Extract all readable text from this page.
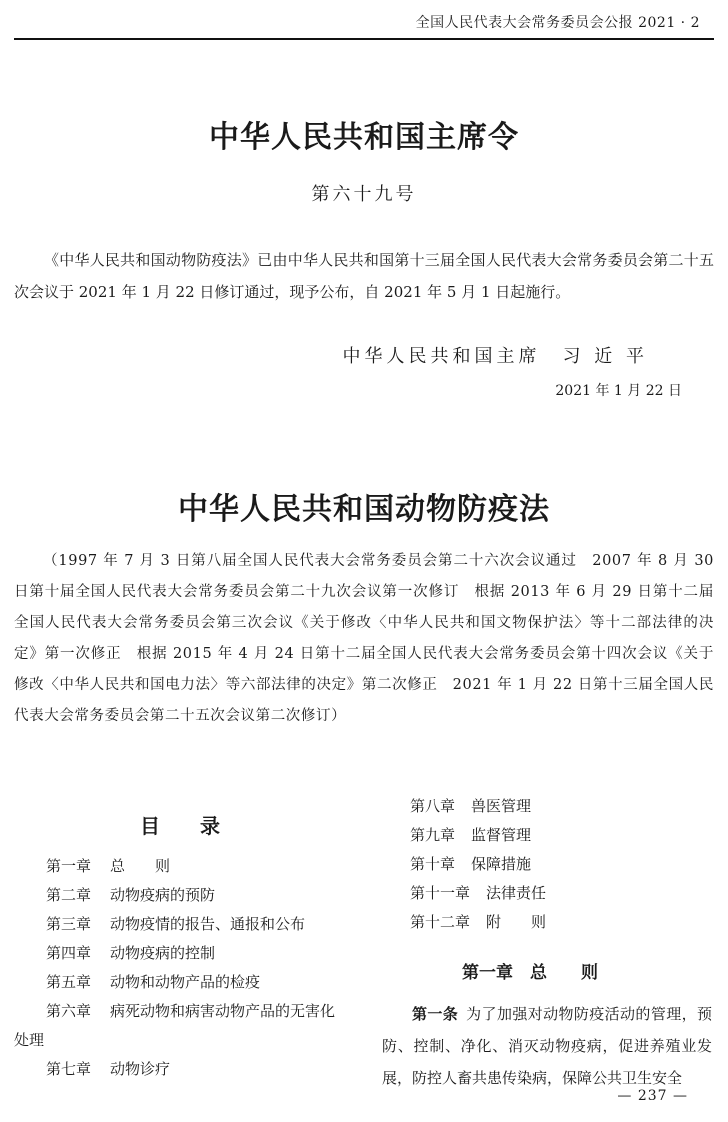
全国人民代表大会常务委员会公报 2021 · 2
中华人民共和国主席令
第六十九号
《中华人民共和国动物防疫法》已由中华人民共和国第十三届全国人民代表大会常务委员会第二十五次会议于 2021 年 1 月 22 日修订通过，现予公布，自 2021 年 5 月 1 日起施行。
中华人民共和国主席　习 近 平
2021 年 1 月 22 日
中华人民共和国动物防疫法
（1997 年 7 月 3 日第八届全国人民代表大会常务委员会第二十六次会议通过　2007 年 8 月 30 日第十届全国人民代表大会常务委员会第二十九次会议第一次修订　根据 2013 年 6 月 29 日第十二届全国人民代表大会常务委员会第三次会议《关于修改〈中华人民共和国文物保护法〉等十二部法律的决定》第一次修正　根据 2015 年 4 月 24 日第十二届全国人民代表大会常务委员会第十四次会议《关于修改〈中华人民共和国电力法〉等六部法律的决定》第二次修正　2021 年 1 月 22 日第十三届全国人民代表大会常务委员会第二十五次会议第二次修订）
目 录
第一章 总　　则
第二章 动物疫病的预防
第三章 动物疫情的报告、通报和公布
第四章 动物疫病的控制
第五章 动物和动物产品的检疫
第六章 病死动物和病害动物产品的无害化
处理
第七章 动物诊疗
第八章 兽医管理
第九章 监督管理
第十章 保障措施
第十一章 法律责任
第十二章 附　　则
第一章　总　　则
第一条 为了加强对动物防疫活动的管理，预防、控制、净化、消灭动物疫病，促进养殖业发展，防控人畜共患传染病，保障公共卫生安全
— 237 —
